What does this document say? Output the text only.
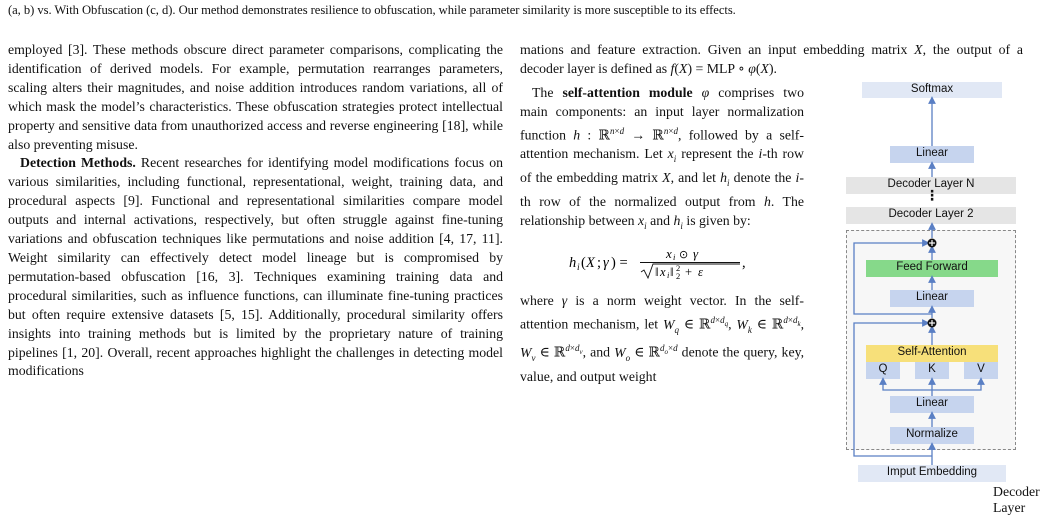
(a, b) vs. With Obfuscation (c, d). Our method demonstrates resilience to obfuscation, while parameter similarity is more susceptible to its effects.

employed [3]. These methods obscure direct parameter comparisons, complicating the identification of derived models. For example, permutation rearranges parameters, scaling alters their magnitudes, and noise addition introduces random variations, all of which mask the model’s characteristics. These obfuscation strategies protect intellectual property and sensitive data from unauthorized access and reverse engineering [18], while also preventing misuse.

Detection Methods. Recent researches for identifying model modifications focus on various similarities, including functional, representational, weight, training data, and procedural aspects [9]. Functional and representational similarities compare model outputs and internal activations, respectively, but often struggle against fine-tuning variations and obfuscation techniques like permutations and noise addition [4, 17, 11]. Weight similarity can effectively detect model lineage but is compromised by permutation-based obfuscation [16, 3]. Techniques examining training data and procedural similarities, such as influence functions, can illuminate fine-tuning practices but often require extensive datasets [5, 15]. Additionally, procedural similarity offers insights into training methods but is limited by the proprietary nature of training pipelines [1, 20]. Overall, recent approaches highlight the challenges in detecting model modifications

mations and feature extraction. Given an input embedding matrix X, the output of a decoder layer is defined as f(X) = MLP ∘ φ(X).

The self-attention module φ comprises two main components: an input layer normalization function h : ℝ$^{n\times d}$ → ℝ$^{n\times d}$, followed by a self-attention mechanism. Let $x_i$ represent the i-th row of the embedding matrix X, and let $h_i$ denote the i-th row of the normalized output from h. The relationship between $x_i$ and $h_i$ is given by:

h i ( X ; γ ) =
x i ⊙ γ
‖ x i ‖ 2
2 + ε
,

where γ is a norm weight vector. In the self-attention mechanism, let $W_q$ ∈ ℝ$^{d\times d_q}$, $W_k$ ∈ ℝ$^{d\times d_k}$, $W_v$ ∈ ℝ$^{d\times d_v}$, and $W_o$ ∈ ℝ$^{d_o\times d}$ denote the query, key, value, and output weight

Softmax
Linear
Decoder Layer N
⋮
Decoder Layer 2
Feed Forward
Linear
Self-Attention
Q	K	V
Linear
Normalize
Imput Embedding
Decoder Layer
